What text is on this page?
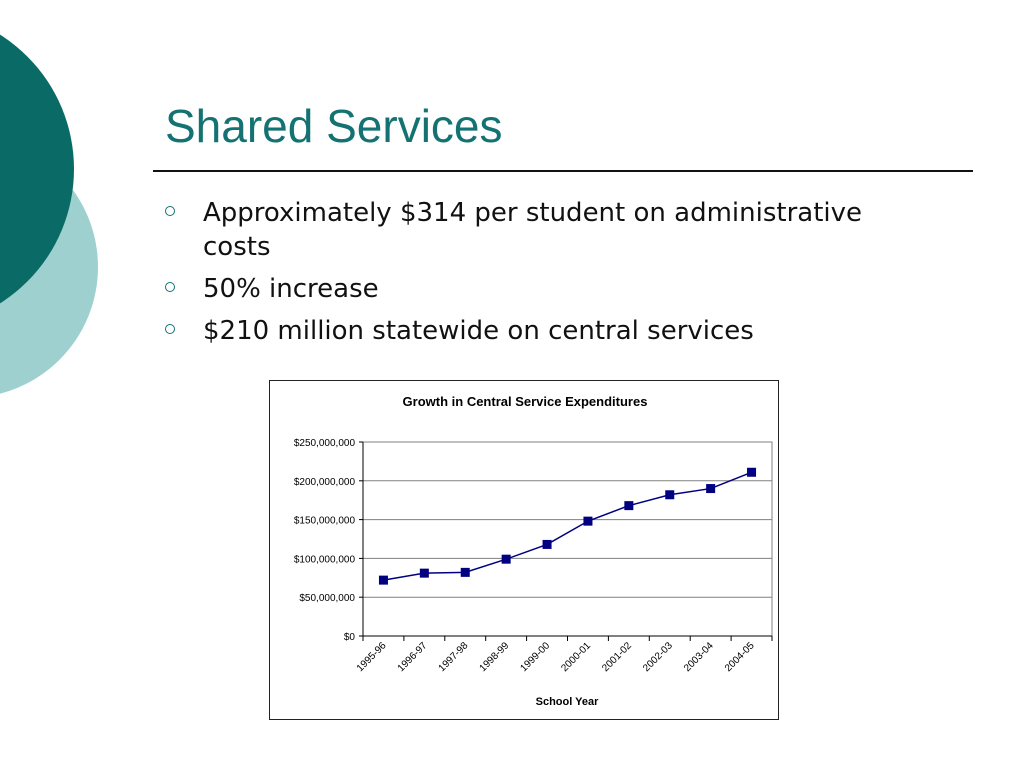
Shared Services
Approximately $314 per student on administrative costs
50% increase
$210 million statewide on central services
Growth in Central Service Expenditures
$0
$50,000,000
$100,000,000
$150,000,000
$200,000,000
$250,000,000
1995-96 1996-97 1997-98 1998-99 1999-00 2000-01 2001-02 2002-03 2003-04 2004-05
School Year
